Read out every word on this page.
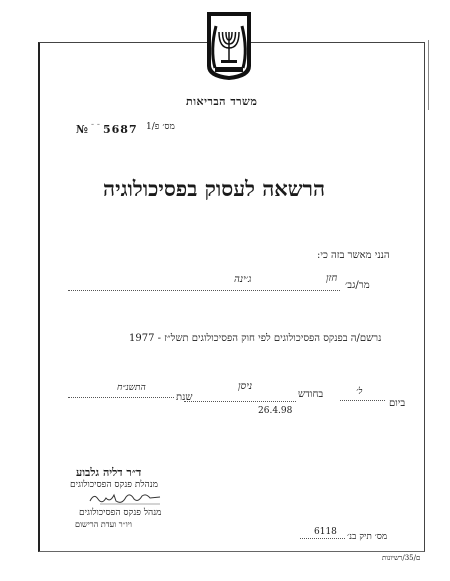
משרד הבריאות
№ - - 5687 מס׳ פ/1
הרשאה לעסוק בפסיכולוגיה
הנני מאשר בזה כי:
מר/גב׳
חזן
ג׳ינה
נרשם/ה בפנקס הפסיכולוגים לפי חוק הפסיכולוגים תשל״ז - 1977
ביום
ל׳
בחודש
ניסן
שנת
התשנ״ח
26.4.98
ד״ר דליה גלבוע
מנהלת פנקס הפסיכולוגים
מנהל פנקס הפסיכולוגים
ויו״ר ועדת הרישום
מס׳ תיק בנ׳
6118
ם/35/רשיונות
